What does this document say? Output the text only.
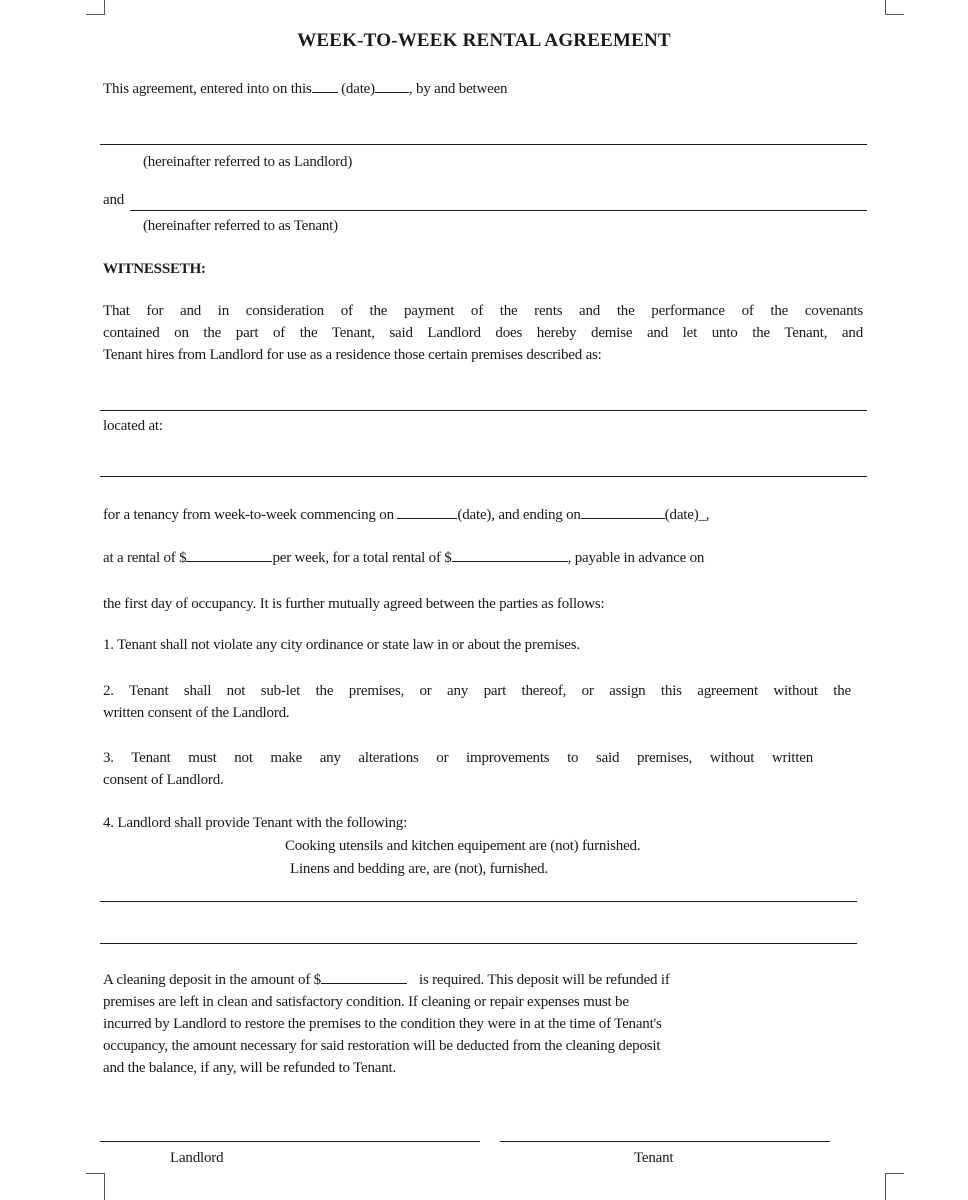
WEEK-TO-WEEK RENTAL AGREEMENT
This agreement, entered into on this (date) , by and between
(hereinafter referred to as Landlord)
and
(hereinafter referred to as Tenant)
WITNESSETH:
That for and in consideration of the payment of the rents and the performance of the covenants
contained on the part of the Tenant, said Landlord does hereby demise and let unto the Tenant, and
Tenant hires from Landlord for use as a residence those certain premises described as:
located at:
for a tenancy from week-to-week commencing on	(date), and ending on	(date)_,
at a rental of $	per week, for a total rental of $	, payable in advance on
the first day of occupancy. It is further mutually agreed between the parties as follows:
1. Tenant shall not violate any city ordinance or state law in or about the premises.
2. Tenant shall not sub-let the premises, or any part thereof, or assign this agreement without the
written consent of the Landlord.
3. Tenant must not make any alterations or improvements to said premises, without written
consent of Landlord.
4. Landlord shall provide Tenant with the following:
Cooking utensils and kitchen equipement are (not) furnished.
Linens and bedding are, are (not), furnished.
A cleaning deposit in the amount of $	is required. This deposit will be refunded if
premises are left in clean and satisfactory condition. If cleaning or repair expenses must be
incurred by Landlord to restore the premises to the condition they were in at the time of Tenant's
occupancy, the amount necessary for said restoration will be deducted from the cleaning deposit
and the balance, if any, will be refunded to Tenant.
Landlord	Tenant
